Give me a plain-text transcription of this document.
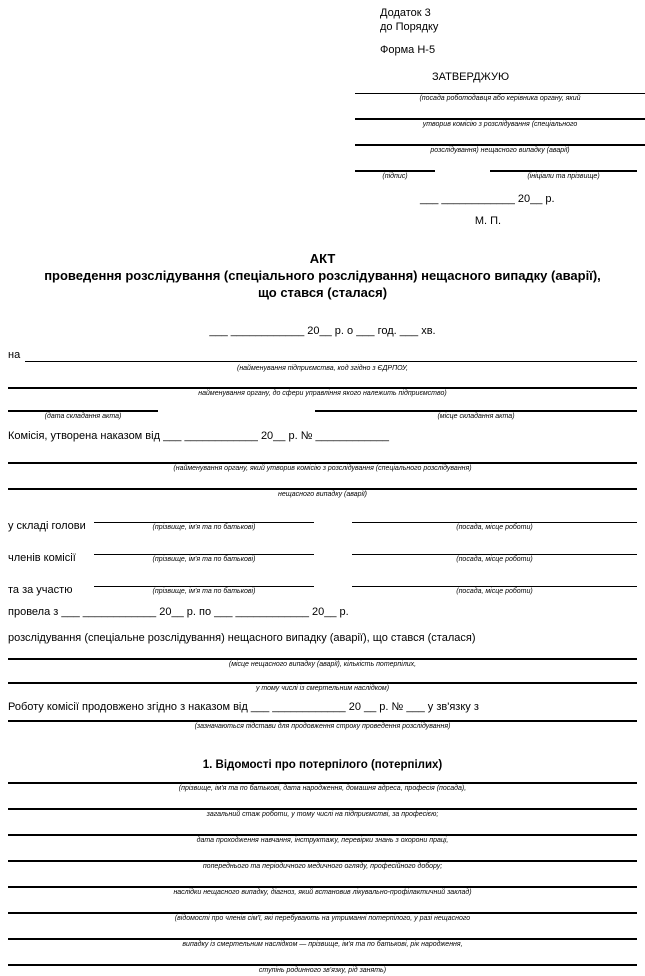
Додаток 3
до Порядку
Форма Н-5
ЗАТВЕРДЖУЮ
(посада роботодавця або керівника органу, який
утворив комісію з розслідування (спеціального
розслідування) нещасного випадку (аварії)
(підпис)	(ініціали та прізвище)
___ ____________ 20__ р.
М. П.
АКТ
проведення розслідування (спеціального розслідування) нещасного випадку (аварії),
що стався (сталася)
___ ____________ 20__ р. о ___ год. ___ хв.
на
(найменування підприємства, код згідно з ЄДРПОУ,
найменування органу, до сфери управління якого належить підприємство)
(дата складання акта)	(місце складання акта)
Комісія, утворена наказом від ___ ____________ 20__ р. № ____________
(найменування органу, який утворив комісію з розслідування (спеціального розслідування)
нещасного випадку (аварії)
у складі голови	(прізвище, ім'я та по батькові)	(посада, місце роботи)
членів комісії	(прізвище, ім'я та по батькові)	(посада, місце роботи)
та за участю	(прізвище, ім'я та по батькові)	(посада, місце роботи)
провела з ___ ____________ 20__ р. по ___ ____________ 20__ р.
розслідування (спеціальне розслідування) нещасного випадку (аварії), що стався (сталася)
(місце нещасного випадку (аварії), кількість потерпілих,
у тому числі із смертельним наслідком)
Роботу комісії продовжено згідно з наказом від ___ ____________ 20 __ р. № ___ у зв'язку з
(зазначаються підстави для продовження строку проведення розслідування)
1. Відомості про потерпілого (потерпілих)
(прізвище, ім'я та по батькові, дата народження, домашня адреса, професія (посада),
загальний стаж роботи, у тому числі на підприємстві, за професією;
дата проходження навчання, інструктажу, перевірки знань з охорони праці,
попереднього та періодичного медичного огляду, професійного добору;
наслідки нещасного випадку, діагноз, який встановив лікувально-профілактичний заклад)
(відомості про членів сім'ї, які перебувають на утриманні потерпілого, у разі нещасного
випадку із смертельним наслідком — прізвище, ім'я та по батькові, рік народження,
ступінь родинного зв'язку, рід занять)
